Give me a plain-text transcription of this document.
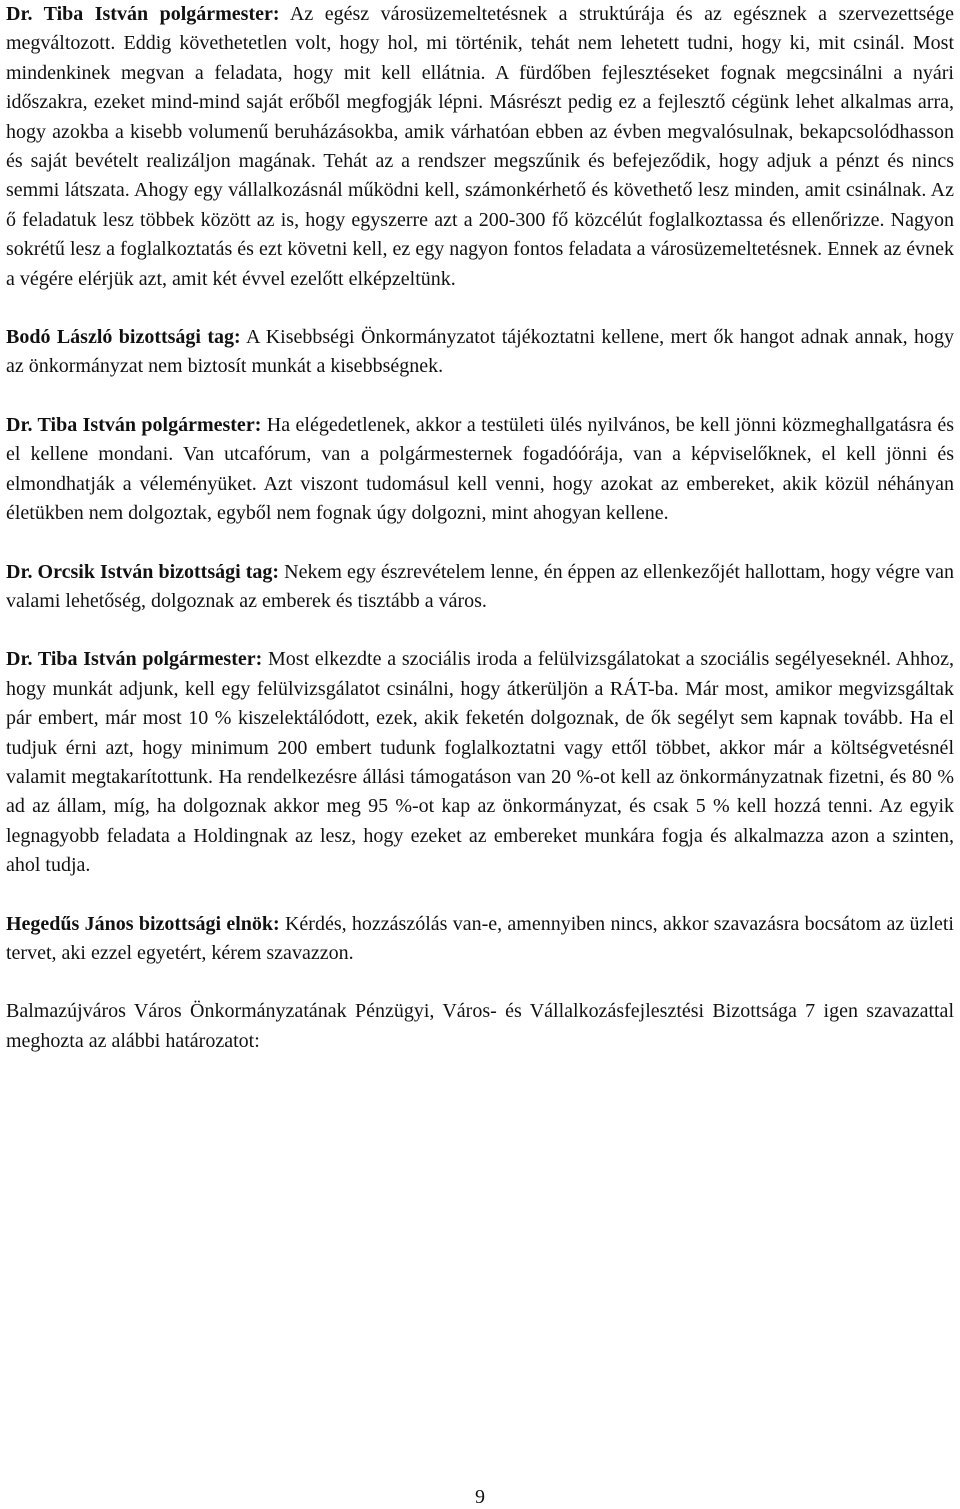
Dr. Tiba István polgármester: Az egész városüzemeltetésnek a struktúrája és az egésznek a szervezettsége megváltozott. Eddig követhetetlen volt, hogy hol, mi történik, tehát nem lehetett tudni, hogy ki, mit csinál. Most mindenkinek megvan a feladata, hogy mit kell ellátnia. A fürdőben fejlesztéseket fognak megcsinálni a nyári időszakra, ezeket mind-mind saját erőből megfogják lépni. Másrészt pedig ez a fejlesztő cégünk lehet alkalmas arra, hogy azokba a kisebb volumenű beruházásokba, amik várhatóan ebben az évben megvalósulnak, bekapcsolódhasson és saját bevételt realizáljon magának. Tehát az a rendszer megszűnik és befejeződik, hogy adjuk a pénzt és nincs semmi látszata. Ahogy egy vállalkozásnál működni kell, számonkérhető és követhető lesz minden, amit csinálnak. Az ő feladatuk lesz többek között az is, hogy egyszerre azt a 200-300 fő közcélút foglalkoztassa és ellenőrizze. Nagyon sokrétű lesz a foglalkoztatás és ezt követni kell, ez egy nagyon fontos feladata a városüzemeltetésnek. Ennek az évnek a végére elérjük azt, amit két évvel ezelőtt elképzeltünk.

Bodó László bizottsági tag: A Kisebbségi Önkormányzatot tájékoztatni kellene, mert ők hangot adnak annak, hogy az önkormányzat nem biztosít munkát a kisebbségnek.

Dr. Tiba István polgármester: Ha elégedetlenek, akkor a testületi ülés nyilvános, be kell jönni közmeghallgatásra és el kellene mondani. Van utcafórum, van a polgármesternek fogadóórája, van a képviselőknek, el kell jönni és elmondhatják a véleményüket. Azt viszont tudomásul kell venni, hogy azokat az embereket, akik közül néhányan életükben nem dolgoztak, egyből nem fognak úgy dolgozni, mint ahogyan kellene.

Dr. Orcsik István bizottsági tag: Nekem egy észrevételem lenne, én éppen az ellenkezőjét hallottam, hogy végre van valami lehetőség, dolgoznak az emberek és tisztább a város.

Dr. Tiba István polgármester: Most elkezdte a szociális iroda a felülvizsgálatokat a szociális segélyeseknél. Ahhoz, hogy munkát adjunk, kell egy felülvizsgálatot csinálni, hogy átkerüljön a RÁT-ba. Már most, amikor megvizsgáltak pár embert, már most 10 % kiszelektálódott, ezek, akik feketén dolgoznak, de ők segélyt sem kapnak tovább. Ha el tudjuk érni azt, hogy minimum 200 embert tudunk foglalkoztatni vagy ettől többet, akkor már a költségvetésnél valamit megtakarítottunk. Ha rendelkezésre állási támogatáson van 20 %-ot kell az önkormányzatnak fizetni, és 80 % ad az állam, míg, ha dolgoznak akkor meg 95 %-ot kap az önkormányzat, és csak 5 % kell hozzá tenni. Az egyik legnagyobb feladata a Holdingnak az lesz, hogy ezeket az embereket munkára fogja és alkalmazza azon a szinten, ahol tudja.

Hegedűs János bizottsági elnök: Kérdés, hozzászólás van-e, amennyiben nincs, akkor szavazásra bocsátom az üzleti tervet, aki ezzel egyetért, kérem szavazzon.

Balmazújváros Város Önkormányzatának Pénzügyi, Város- és Vállalkozásfejlesztési Bizottsága 7 igen szavazattal meghozta az alábbi határozatot:

9
